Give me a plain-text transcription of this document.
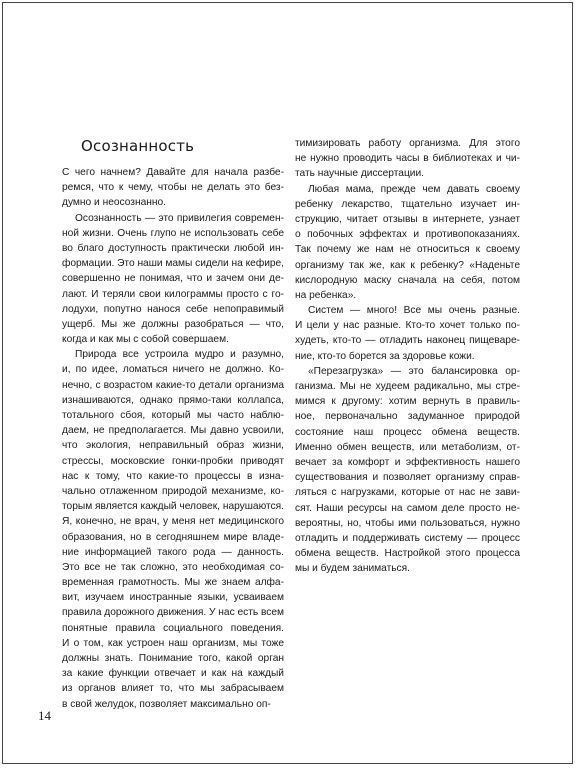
Осознанность
С чего начнем? Давайте для начала разбе-
ремся, что к чему, чтобы не делать это без-
думно и неосознанно.
Осознанность — это привилегия современ-
ной жизни. Очень глупо не использовать себе
во благо доступность практически любой ин-
формации. Это наши мамы сидели на кефире,
совершенно не понимая, что и зачем они де-
лают. И теряли свои килограммы просто с го-
лодухи, попутно нанося себе непоправимый
ущерб. Мы же должны разобраться — что,
когда и как мы с собой совершаем.
Природа все устроила мудро и разумно,
и, по идее, ломаться ничего не должно. Ко-
нечно, с возрастом какие-то детали организма
изнашиваются, однако прямо-таки коллапса,
тотального сбоя, который мы часто наблю-
даем, не предполагается. Мы давно усвоили,
что экология, неправильный образ жизни,
стрессы, московские гонки-пробки приводят
нас к тому, что какие-то процессы в изна-
чально отлаженном природой механизме, ко-
торым является каждый человек, нарушаются.
Я, конечно, не врач, у меня нет медицинского
образования, но в сегодняшнем мире владе-
ние информацией такого рода — данность.
Это все не так сложно, это необходимая со-
временная грамотность. Мы же знаем алфа-
вит, изучаем иностранные языки, усваиваем
правила дорожного движения. У нас есть всем
понятные правила социального поведения.
И о том, как устроен наш организм, мы тоже
должны знать. Понимание того, какой орган
за какие функции отвечает и как на каждый
из органов влияет то, что мы забрасываем
в свой желудок, позволяет максимально оп-
тимизировать работу организма. Для этого
не нужно проводить часы в библиотеках и чи-
тать научные диссертации.
Любая мама, прежде чем давать своему
ребенку лекарство, тщательно изучает ин-
струкцию, читает отзывы в интернете, узнает
о побочных эффектах и противопоказаниях.
Так почему же нам не относиться к своему
организму так же, как к ребенку? «Наденьте
кислородную маску сначала на себя, потом
на ребенка».
Систем — много! Все мы очень разные.
И цели у нас разные. Кто-то хочет только по-
худеть, кто-то — отладить наконец пищеваре-
ние, кто-то борется за здоровье кожи.
«Перезагрузка» — это балансировка ор-
ганизма. Мы не худеем радикально, мы стре-
мимся к другому: хотим вернуть в правиль-
ное, первоначально задуманное природой
состояние наш процесс обмена веществ.
Именно обмен веществ, или метаболизм, от-
вечает за комфорт и эффективность нашего
существования и позволяет организму справ-
ляться с нагрузками, которые от нас не зави-
сят. Наши ресурсы на самом деле просто не-
вероятны, но, чтобы ими пользоваться, нужно
отладить и поддерживать систему — процесс
обмена веществ. Настройкой этого процесса
мы и будем заниматься.
14
